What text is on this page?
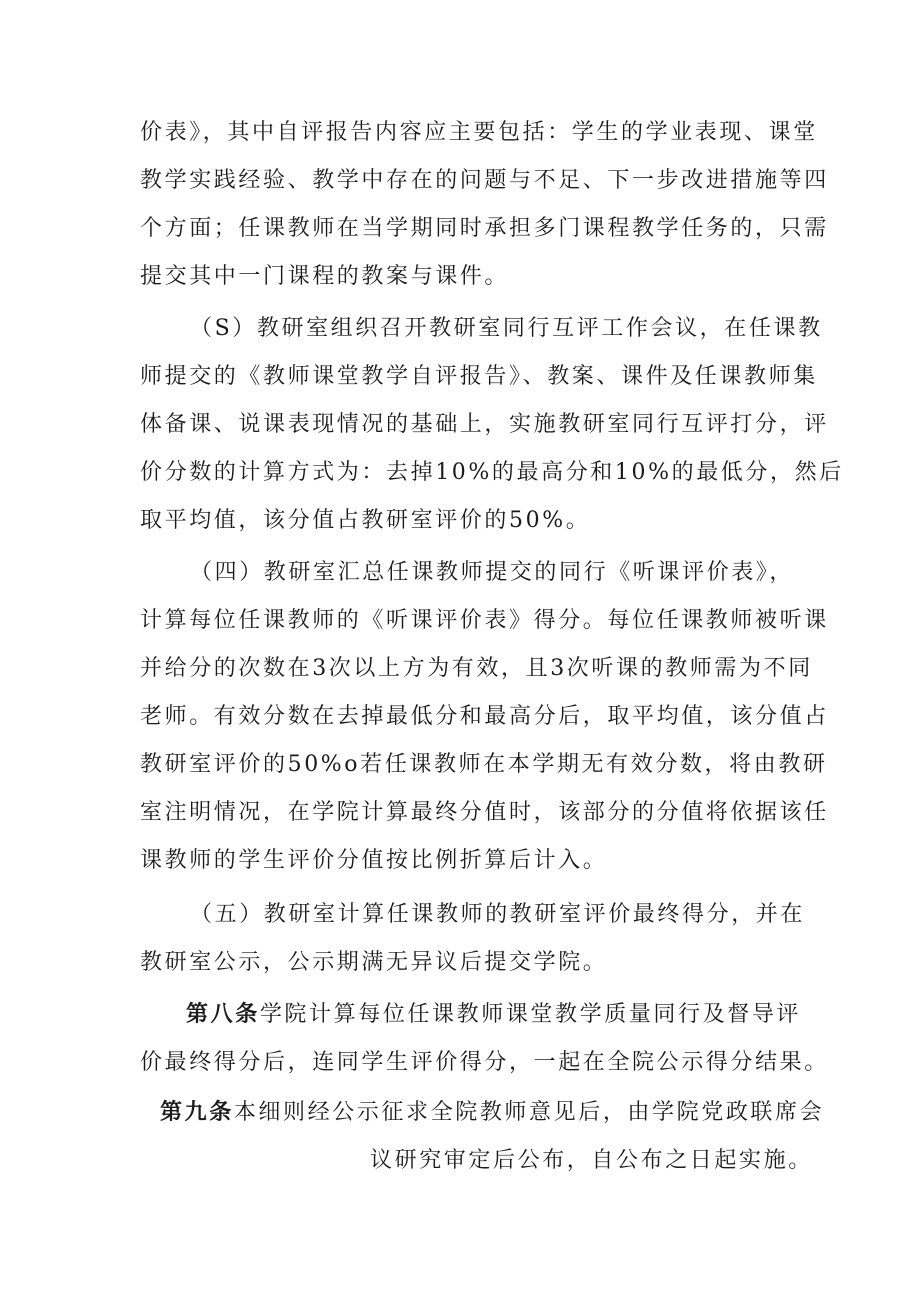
价表》，其中自评报告内容应主要包括：学生的学业表现、课堂
教学实践经验、教学中存在的问题与不足、下一步改进措施等四
个方面；任课教师在当学期同时承担多门课程教学任务的，只需
提交其中一门课程的教案与课件。
（S）教研室组织召开教研室同行互评工作会议，在任课教
师提交的《教师课堂教学自评报告》、教案、课件及任课教师集
体备课、说课表现情况的基础上，实施教研室同行互评打分，评
价分数的计算方式为：去掉10%的最高分和10%的最低分，然后
取平均值，该分值占教研室评价的50%。
（四）教研室汇总任课教师提交的同行《听课评价表》，
计算每位任课教师的《听课评价表》得分。每位任课教师被听课
并给分的次数在3次以上方为有效，且3次听课的教师需为不同
老师。有效分数在去掉最低分和最高分后，取平均值，该分值占
教研室评价的50%o若任课教师在本学期无有效分数，将由教研
室注明情况，在学院计算最终分值时，该部分的分值将依据该任
课教师的学生评价分值按比例折算后计入。
（五）教研室计算任课教师的教研室评价最终得分，并在
教研室公示，公示期满无异议后提交学院。
第八条学院计算每位任课教师课堂教学质量同行及督导评
价最终得分后，连同学生评价得分，一起在全院公示得分结果。
第九条本细则经公示征求全院教师意见后，由学院党政联席会
议研究审定后公布，自公布之日起实施。
